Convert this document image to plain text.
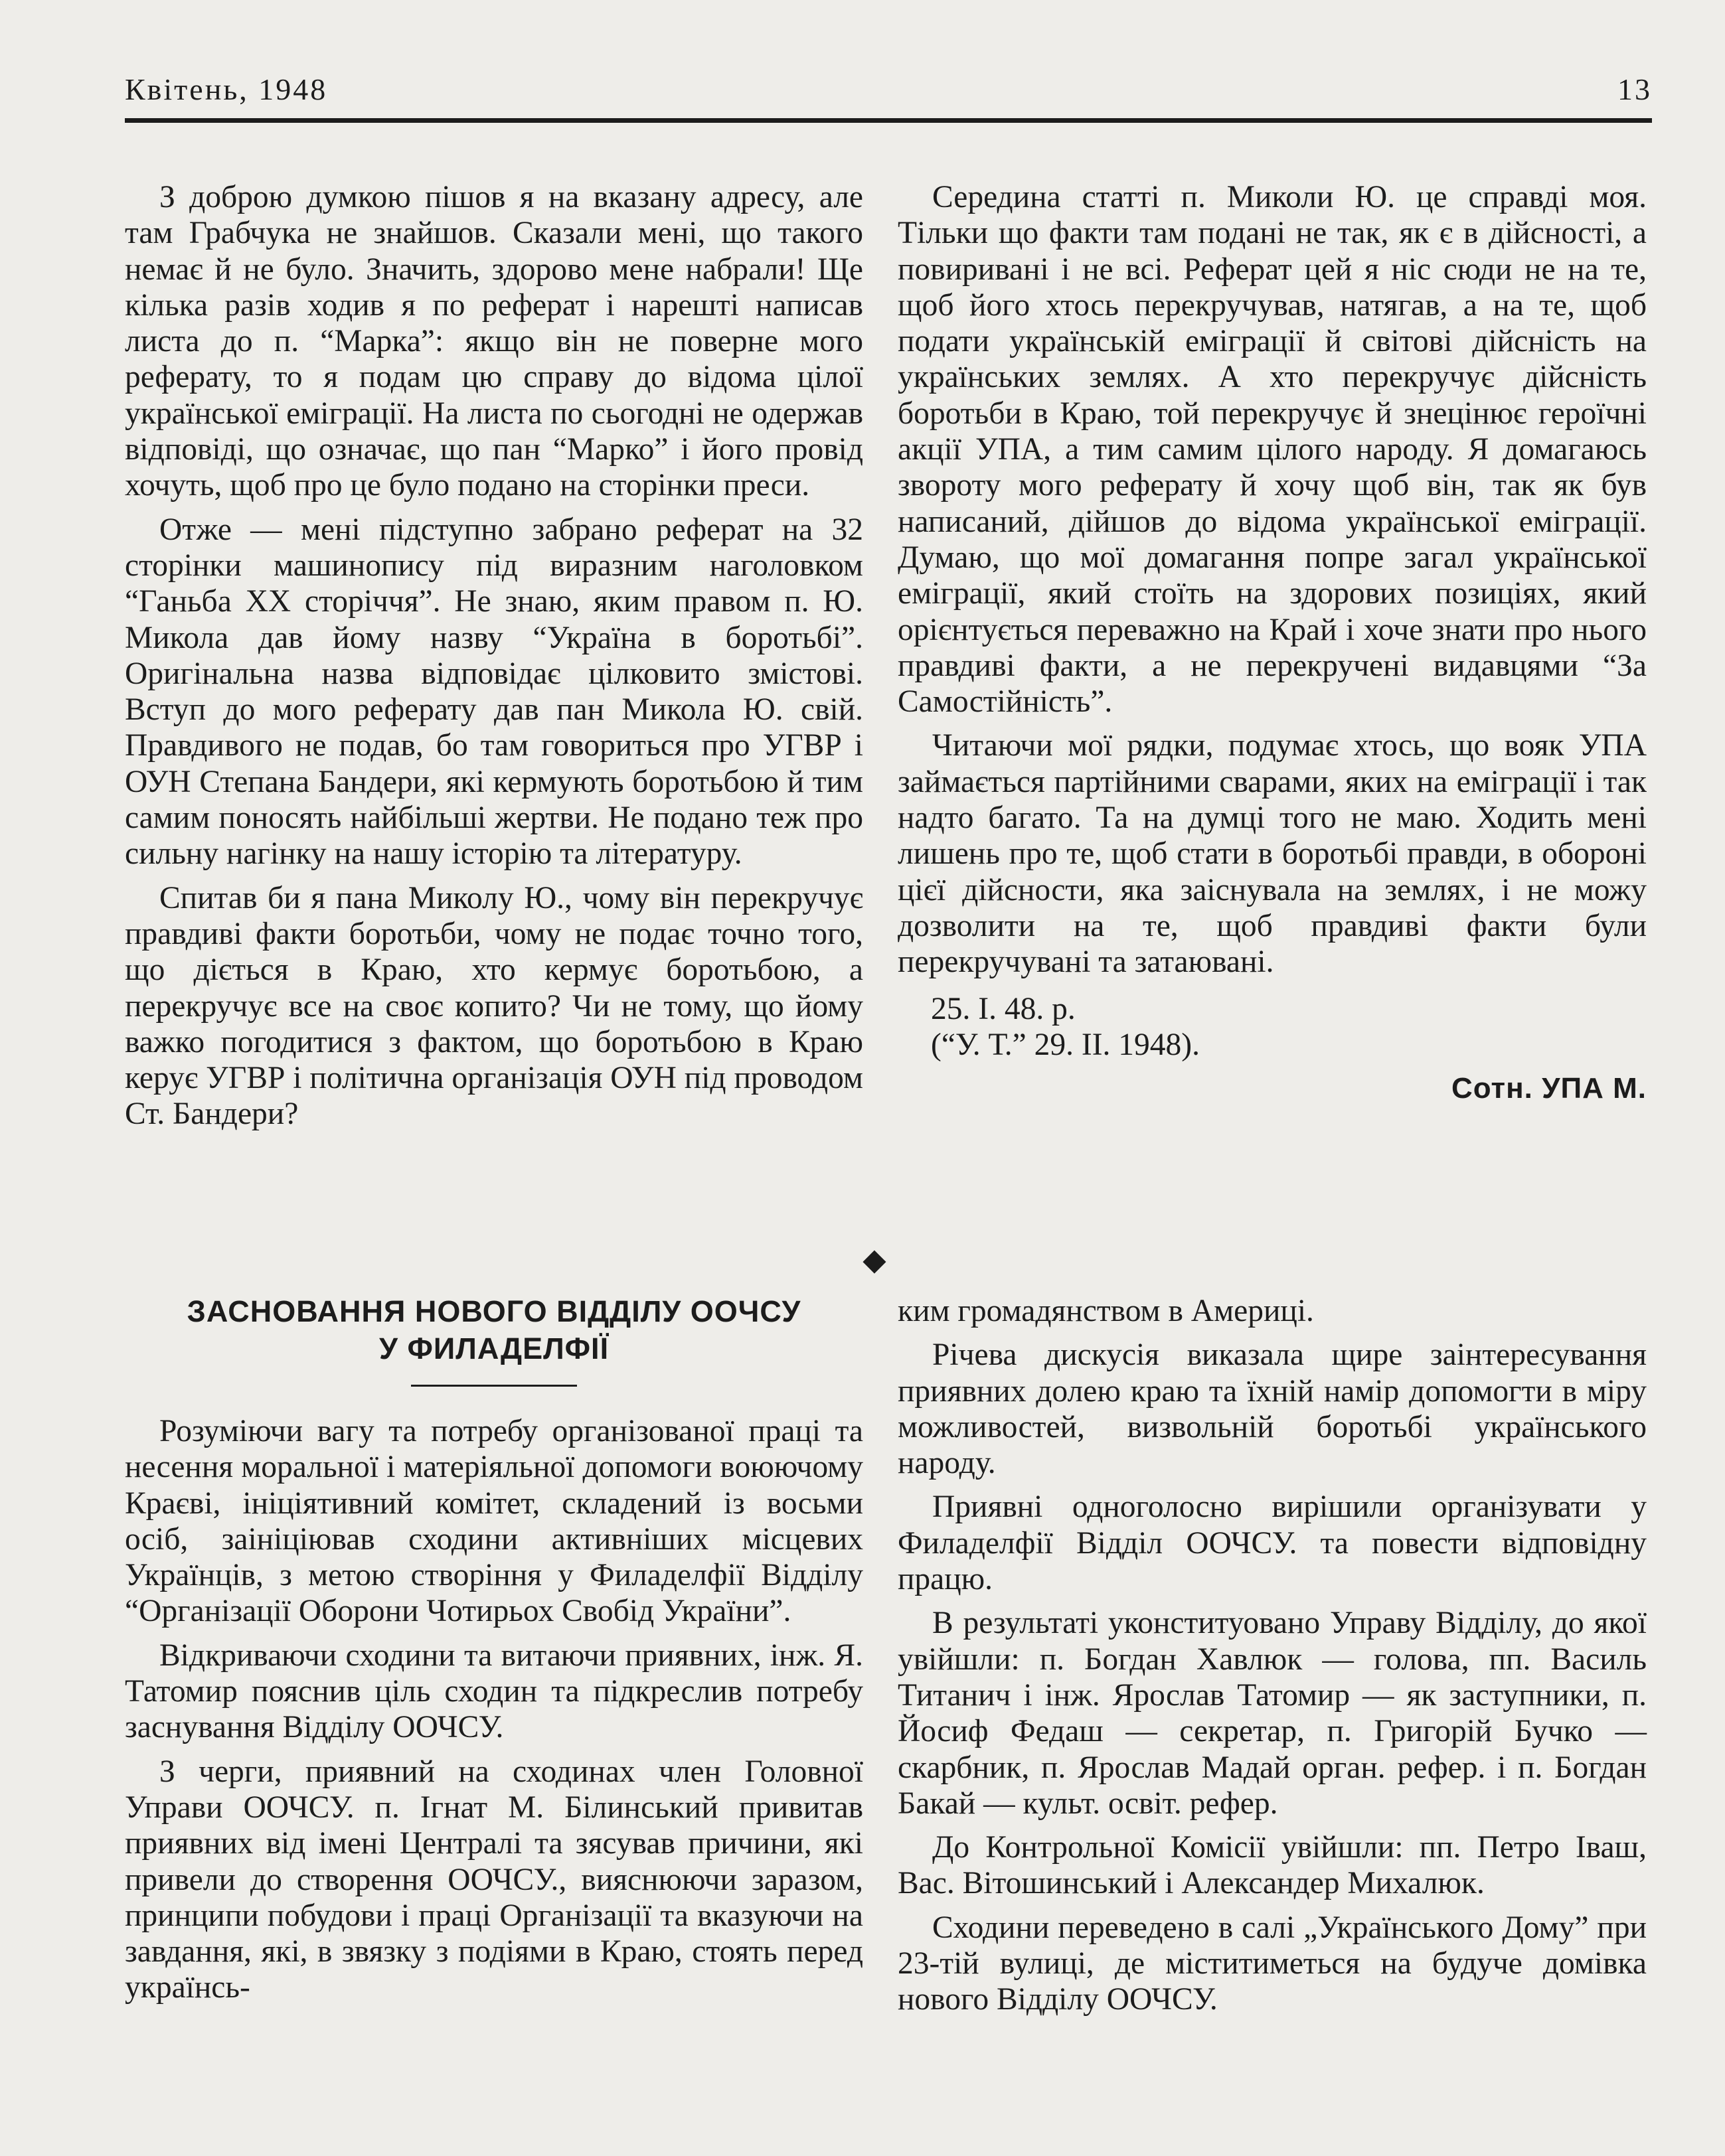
Квітень, 1948	13

З доброю думкою пішов я на вказану адресу, але там Грабчука не знайшов. Сказали мені, що такого немає й не було. Значить, здорово мене набрали! Ще кілька разів ходив я по реферат і нарешті написав листа до п. “Марка”: якщо він не поверне мого реферату, то я подам цю справу до відома цілої української еміграції. На листа по сьогодні не одержав відповіді, що означає, що пан “Марко” і його провід хочуть, щоб про це було подано на сторінки преси.

Отже — мені підступно забрано реферат на 32 сторінки машинопису під виразним наголовком “Ганьба XX сторіччя”. Не знаю, яким правом п. Ю. Микола дав йому назву “Україна в боротьбі”. Оригінальна назва відповідає цілковито змістові. Вступ до мого реферату дав пан Микола Ю. свій. Правдивого не подав, бо там говориться про УГВР і ОУН Степана Бандери, які кермують боротьбою й тим самим поносять найбільші жертви. Не подано теж про сильну нагінку на нашу історію та літературу.

Спитав би я пана Миколу Ю., чому він перекручує правдиві факти боротьби, чому не подає точно того, що діється в Краю, хто кермує боротьбою, а перекручує все на своє копито? Чи не тому, що йому важко погодитися з фактом, що боротьбою в Краю керує УГВР і політична організація ОУН під проводом Ст. Бандери?

Середина статті п. Миколи Ю. це справді моя. Тільки що факти там подані не так, як є в дійсності, а повиривані і не всі. Реферат цей я ніс сюди не на те, щоб його хтось перекручував, натягав, а на те, щоб подати українській еміграції й світові дійсність на українських землях. А хто перекручує дійсність боротьби в Краю, той перекручує й знецінює героїчні акції УПА, а тим самим цілого народу. Я домагаюсь звороту мого реферату й хочу щоб він, так як був написаний, дійшов до відома української еміграції. Думаю, що мої домагання попре загал української еміграції, який стоїть на здорових позиціях, який орієнтується переважно на Край і хоче знати про нього правдиві факти, а не перекручені видавцями “За Самостійність”.

Читаючи мої рядки, подумає хтось, що вояк УПА займається партійними сварами, яких на еміграції і так надто багато. Та на думці того не маю. Ходить мені лишень про те, щоб стати в боротьбі правди, в обороні цієї дійсности, яка заіснувала на землях, і не можу дозволити на те, щоб правдиві факти були перекручувані та затаювані.

25. I. 48. р.
(“У. Т.” 29. II. 1948).
Сотн. УПА М.
◆
ЗАСНОВАННЯ НОВОГО ВІДДІЛУ ООЧСУ
У ФИЛАДЕЛФІЇ

Розуміючи вагу та потребу організованої праці та несення моральної і матеріяльної допомоги воюючому Краєві, ініціятивний комітет, складений із восьми осіб, заініціював сходини активніших місцевих Українців, з метою створіння у Филаделфії Відділу “Організації Оборони Чотирьох Свобід України”.

Відкриваючи сходини та витаючи приявних, інж. Я. Татомир пояснив ціль сходин та підкреслив потребу заснування Відділу ООЧСУ.

З черги, приявний на сходинах член Головної Управи ООЧСУ. п. Ігнат М. Білинський привитав приявних від імені Централі та зясував причини, які привели до створення ООЧСУ., вияснюючи заразом, принципи побудови і праці Організації та вказуючи на завдання, які, в звязку з подіями в Краю, стоять перед українсь-

ким громадянством в Америці.

Річева дискусія виказала щире заінтересування приявних долею краю та їхній намір допомогти в міру можливостей, визвольній боротьбі українського народу.

Приявні одноголосно вирішили організувати у Филаделфії Відділ ООЧСУ. та повести відповідну працю.

В результаті уконституовано Управу Відділу, до якої увійшли: п. Богдан Хавлюк — голова, пп. Василь Титанич і інж. Ярослав Татомир — як заступники, п. Йосиф Федаш — секретар, п. Григорій Бучко — скарбник, п. Ярослав Мадай орган. рефер. і п. Богдан Бакай — культ. освіт. рефер.

До Контрольної Комісії увійшли: пп. Петро Іваш, Вас. Вітошинський і Александер Михалюк.

Сходини переведено в салі „Українського Дому” при 23-тій вулиці, де міститиметься на будуче домівка нового Відділу ООЧСУ.
